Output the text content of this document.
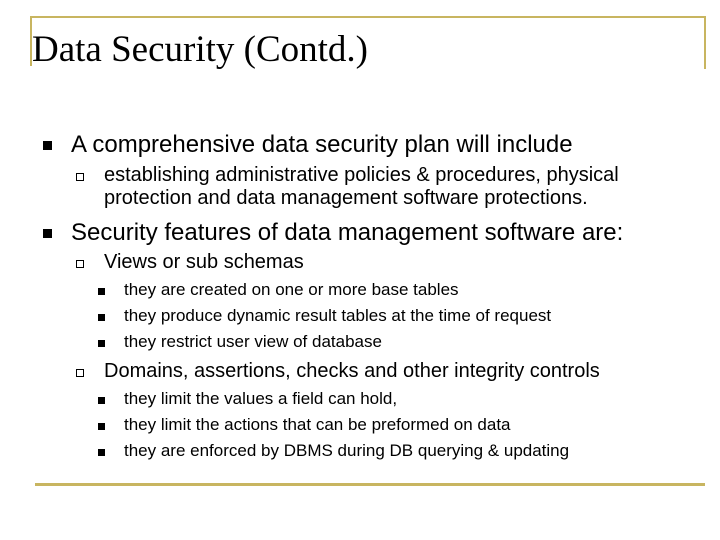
Data Security (Contd.)
A comprehensive data security plan will include
establishing administrative policies & procedures, physical
protection and data management software protections.
Security features of data management software are:
Views or sub schemas
they are created on one or more base tables
they produce dynamic result tables at the time of request
they restrict user view of database
Domains, assertions, checks and other integrity controls
they limit the values a field can hold,
they limit the actions that can be preformed on data
they are enforced by DBMS during DB querying & updating
